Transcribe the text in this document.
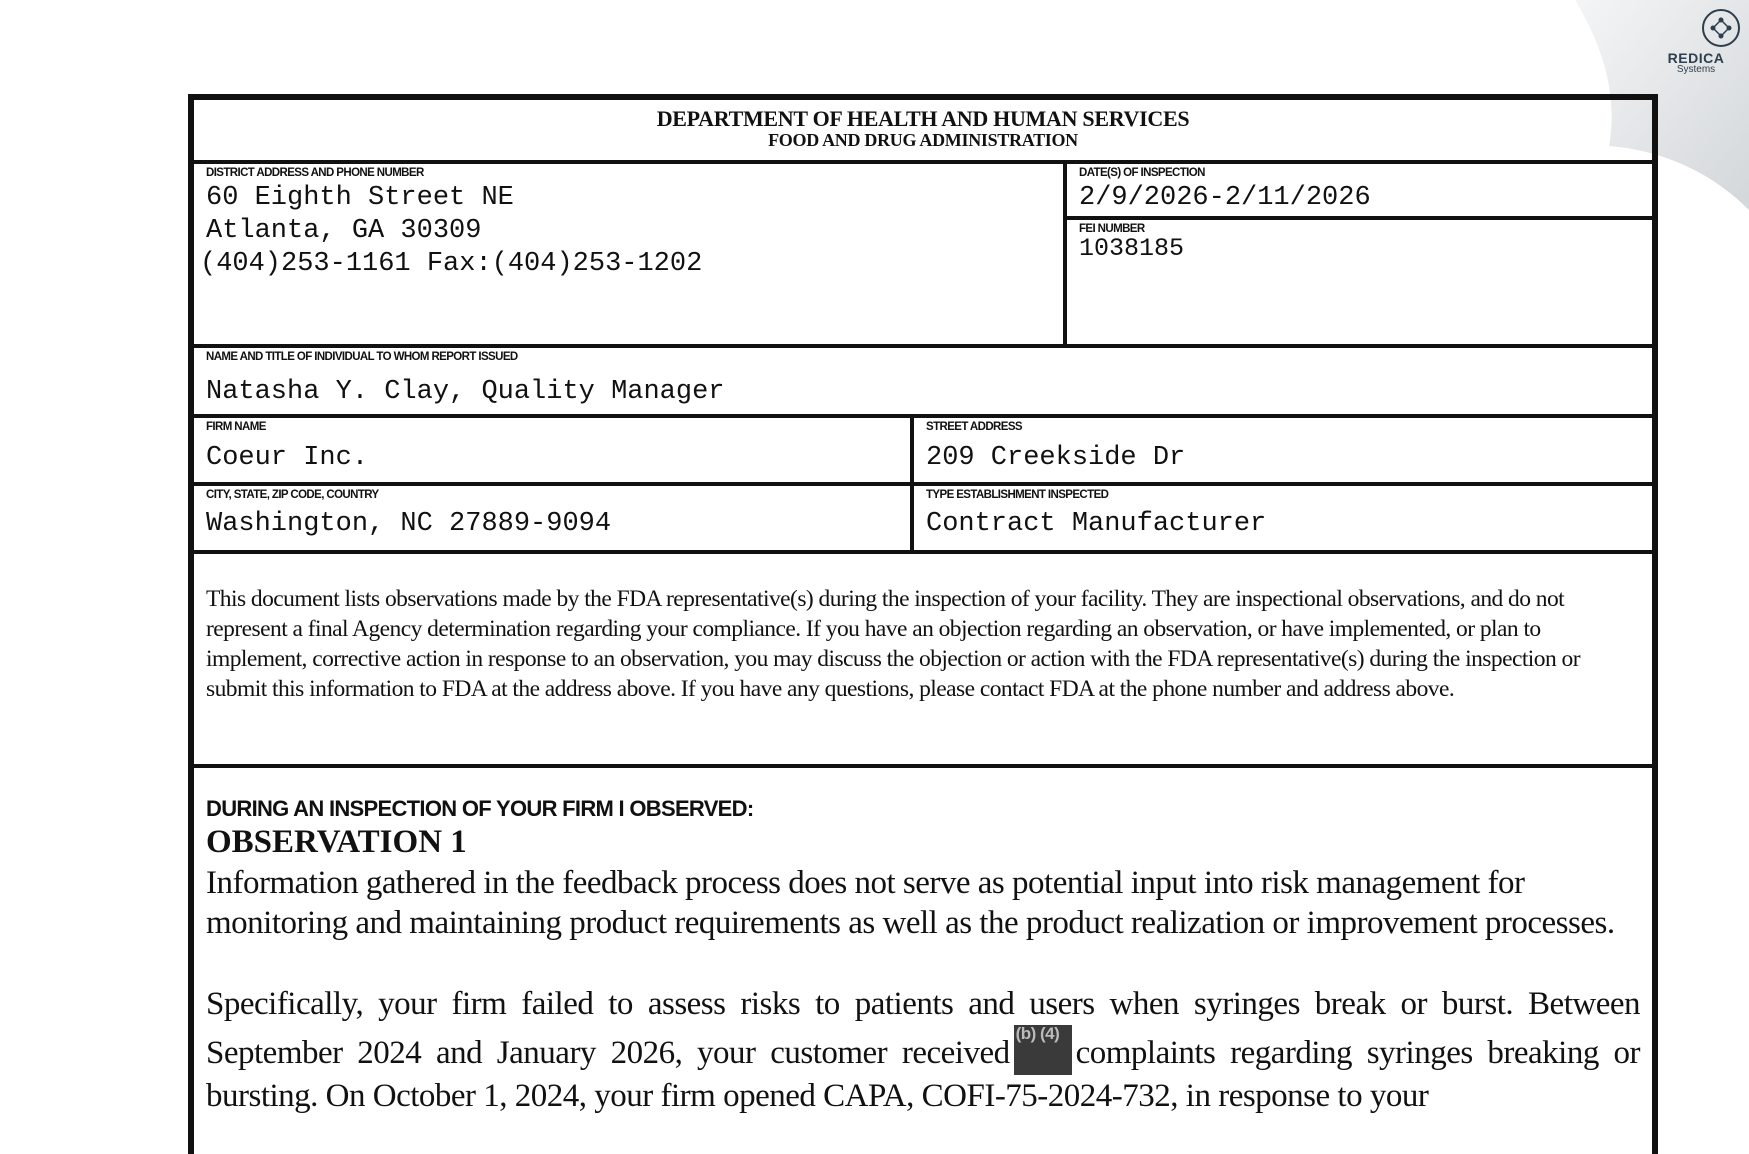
REDICA
Systems
DEPARTMENT OF HEALTH AND HUMAN SERVICES
FOOD AND DRUG ADMINISTRATION
DISTRICT ADDRESS AND PHONE NUMBER
60 Eighth Street NE
Atlanta, GA 30309
(404)253-1161 Fax:(404)253-1202
DATE(S) OF INSPECTION
2/9/2026-2/11/2026
FEI NUMBER
1038185
NAME AND TITLE OF INDIVIDUAL TO WHOM REPORT ISSUED
Natasha Y. Clay, Quality Manager
FIRM NAME
Coeur Inc.
STREET ADDRESS
209 Creekside Dr
CITY, STATE, ZIP CODE, COUNTRY
Washington, NC 27889-9094
TYPE ESTABLISHMENT INSPECTED
Contract Manufacturer
This document lists observations made by the FDA representative(s) during the inspection of your facility. They are inspectional observations, and do not represent a final Agency determination regarding your compliance. If you have an objection regarding an observation, or have implemented, or plan to implement, corrective action in response to an observation, you may discuss the objection or action with the FDA representative(s) during the inspection or submit this information to FDA at the address above. If you have any questions, please contact FDA at the phone number and address above.
DURING AN INSPECTION OF YOUR FIRM I OBSERVED:
OBSERVATION 1
Information gathered in the feedback process does not serve as potential input into risk management for monitoring and maintaining product requirements as well as the product realization or improvement processes.
Specifically, your firm failed to assess risks to patients and users when syringes break or burst. Between September 2024 and January 2026, your customer received
(b) (4)
complaints regarding syringes breaking or bursting. On October 1, 2024, your firm opened CAPA, COFI-75-2024-732, in response to your
